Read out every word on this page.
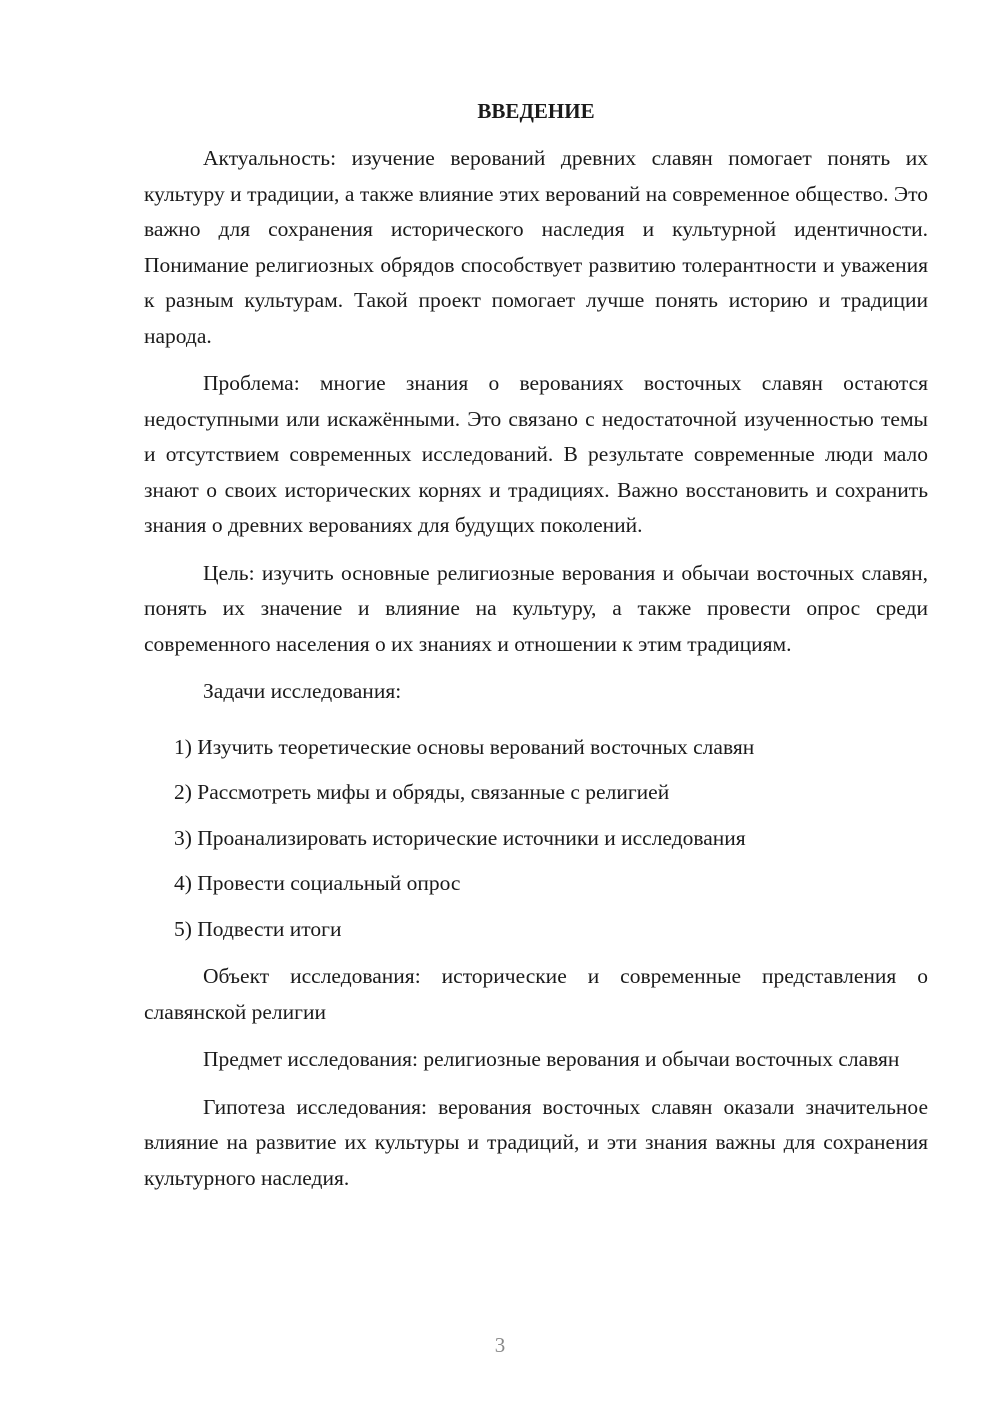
ВВЕДЕНИЕ

Актуальность: изучение верований древних славян помогает понять их культуру и традиции, а также влияние этих верований на современное общество. Это важно для сохранения исторического наследия и культурной идентичности. Понимание религиозных обрядов способствует развитию толерантности и уважения к разным культурам. Такой проект помогает лучше понять историю и традиции народа.

Проблема: многие знания о верованиях восточных славян остаются недоступными или искажёнными. Это связано с недостаточной изученностью темы и отсутствием современных исследований. В результате современные люди мало знают о своих исторических корнях и традициях. Важно восстановить и сохранить знания о древних верованиях для будущих поколений.

Цель: изучить основные религиозные верования и обычаи восточных славян, понять их значение и влияние на культуру, а также провести опрос среди современного населения о их знаниях и отношении к этим традициям.

Задачи исследования:

1) Изучить теоретические основы верований восточных славян

2) Рассмотреть мифы и обряды, связанные с религией

3) Проанализировать исторические источники и исследования

4) Провести социальный опрос

5) Подвести итоги

Объект исследования: исторические и современные представления о славянской религии

Предмет исследования: религиозные верования и обычаи восточных славян

Гипотеза исследования: верования восточных славян оказали значительное влияние на развитие их культуры и традиций, и эти знания важны для сохранения культурного наследия.

3
